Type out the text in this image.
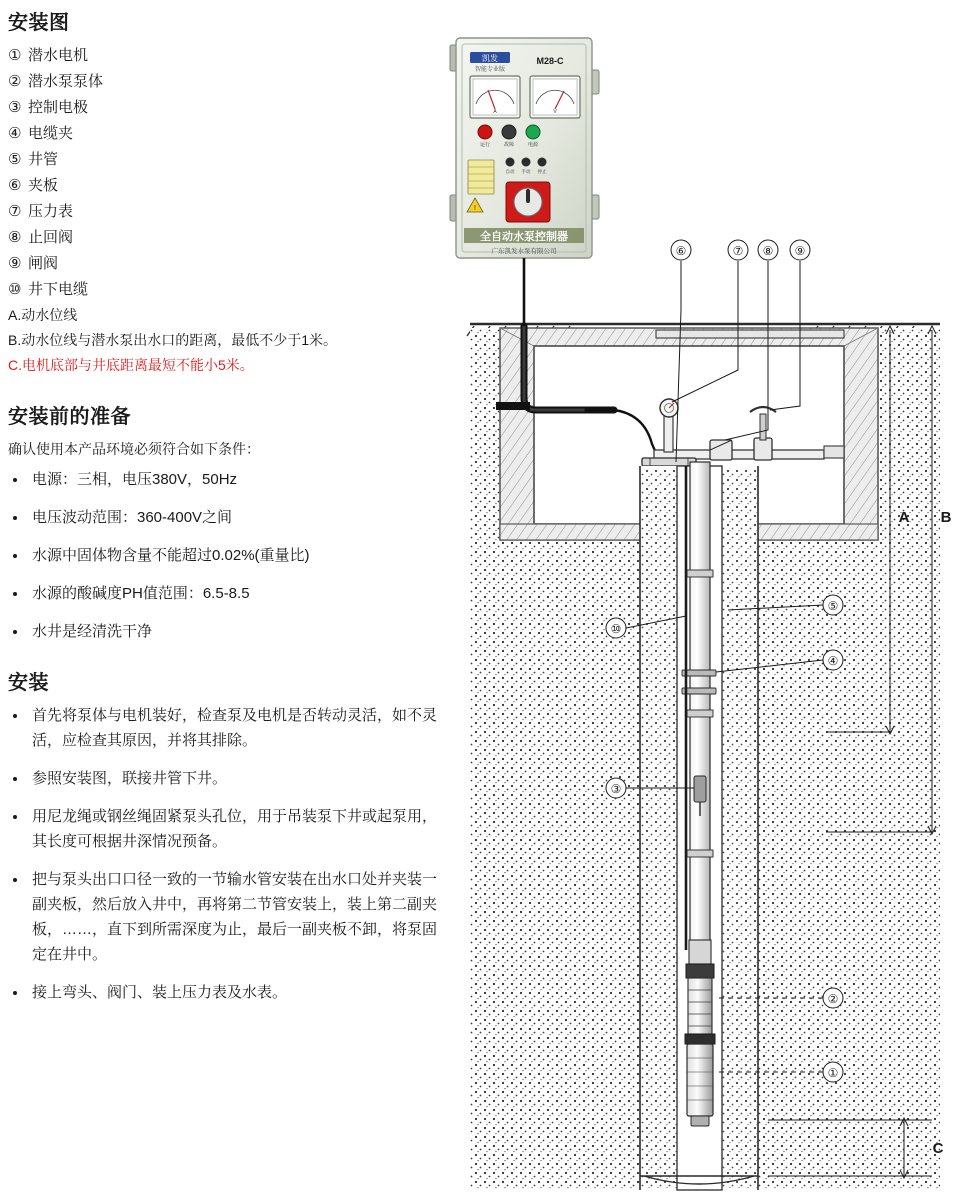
安装图
① 潜水电机
② 潜水泵泵体
③ 控制电极
④ 电缆夹
⑤ 井管
⑥ 夹板
⑦ 压力表
⑧ 止回阀
⑨ 闸阀
⑩ 井下电缆
A.动水位线
B.动水位线与潜水泵出水口的距离，最低不少于1米。
C.电机底部与井底距离最短不能小5米。
安装前的准备
确认使用本产品环境必须符合如下条件：
• 电源：三相，电压380V，50Hz
• 电压波动范围：360-400V之间
• 水源中固体物含量不能超过0.02%(重量比)
• 水源的酸碱度PH值范围：6.5-8.5
• 水井是经清洗干净
安装
• 首先将泵体与电机装好，检查泵及电机是否转动灵活，如不灵活，应检查其原因，并将其排除。
• 参照安装图，联接井管下井。
• 用尼龙绳或钢丝绳固紧泵头孔位，用于吊装泵下井或起泵用，其长度可根据井深情况预备。
• 把与泵头出口口径一致的一节输水管安装在出水口处并夹装一副夹板，然后放入井中，再将第二节管安装上，装上第二副夹板，……，直下到所需深度为止，最后一副夹板不卸，将泵固定在井中。
• 接上弯头、阀门、装上压力表及水表。
凯发
智能专业版
M28-C
A	V
运行	故障	电源
!
自动 手动 停止
全自动水泵控制器
广东凯发水泵有限公司	⑥	⑦ ⑧ ⑨
⑤
④
⑩
③
②
①
A B
C
